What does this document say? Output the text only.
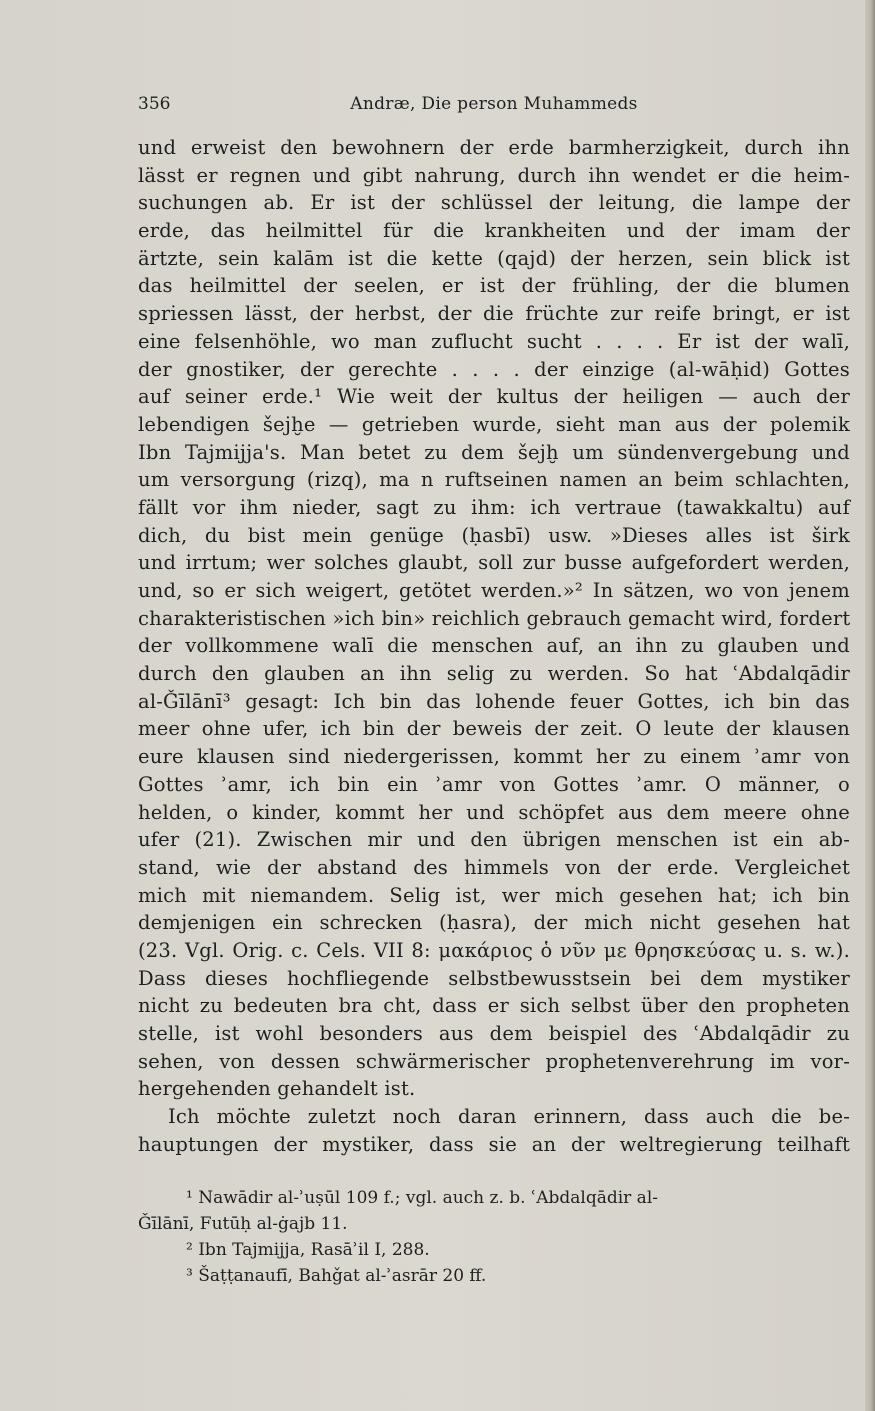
Andræ, Die person Muhammeds
356
und erweist den bewohnern der erde barmherzigkeit, durch ihn
lässt er regnen und gibt nahrung, durch ihn wendet er die heim-
suchungen ab. Er ist der schlüssel der leitung, die lampe der
erde, das heilmittel für die krankheiten und der imam der
ärtzte, sein kalām ist die kette (qajd) der herzen, sein blick ist
das heilmittel der seelen, er ist der frühling, der die blumen
spriessen lässt, der herbst, der die früchte zur reife bringt, er ist
eine felsenhöhle, wo man zuflucht sucht . . . . Er ist der walī,
der gnostiker, der gerechte . . . . der einzige (al-wāḥid) Gottes
auf seiner erde.¹ Wie weit der kultus der heiligen — auch der
lebendigen šejḫe — getrieben wurde, sieht man aus der polemik
Ibn Tajmijja's. Man betet zu dem šejḫ um sündenvergebung und
um versorgung (rizq), ma n ruftseinen namen an beim schlachten,
fällt vor ihm nieder, sagt zu ihm: ich vertraue (tawakkaltu) auf
dich, du bist mein genüge (ḥasbī) usw. »Dieses alles ist širk
und irrtum; wer solches glaubt, soll zur busse aufgefordert werden,
und, so er sich weigert, getötet werden.»² In sätzen, wo von jenem
charakteristischen »ich bin» reichlich gebrauch gemacht wird, fordert
der vollkommene walī die menschen auf, an ihn zu glauben und
durch den glauben an ihn selig zu werden. So hat ʿAbdalqādir
al-Ǧīlānī³ gesagt: Ich bin das lohende feuer Gottes, ich bin das
meer ohne ufer, ich bin der beweis der zeit. O leute der klausen
eure klausen sind niedergerissen, kommt her zu einem ʾamr von
Gottes ʾamr, ich bin ein ʾamr von Gottes ʾamr. O männer, o
helden, o kinder, kommt her und schöpfet aus dem meere ohne
ufer (21). Zwischen mir und den übrigen menschen ist ein ab-
stand, wie der abstand des himmels von der erde. Vergleichet
mich mit niemandem. Selig ist, wer mich gesehen hat; ich bin
demjenigen ein schrecken (ḥasra), der mich nicht gesehen hat
(23. Vgl. Orig. c. Cels. VII 8: μακάριος ὁ νῦν με θρησκεύσας u. s. w.).
Dass dieses hochfliegende selbstbewusstsein bei dem mystiker
nicht zu bedeuten bra cht, dass er sich selbst über den propheten
stelle, ist wohl besonders aus dem beispiel des ʿAbdalqādir zu
sehen, von dessen schwärmerischer prophetenverehrung im vor-
hergehenden gehandelt ist.
Ich möchte zuletzt noch daran erinnern, dass auch die be-
hauptungen der mystiker, dass sie an der weltregierung teilhaft
¹ Nawādir al-ʾuṣūl 109 f.; vgl. auch z. b. ʿAbdalqādir al-
Ǧīlānī, Futūḥ al-ġajb 11.
² Ibn Tajmijja, Rasāʾil I, 288.
³ Šaṭṭanaufī, Bahǧat al-ʾasrār 20 ff.
